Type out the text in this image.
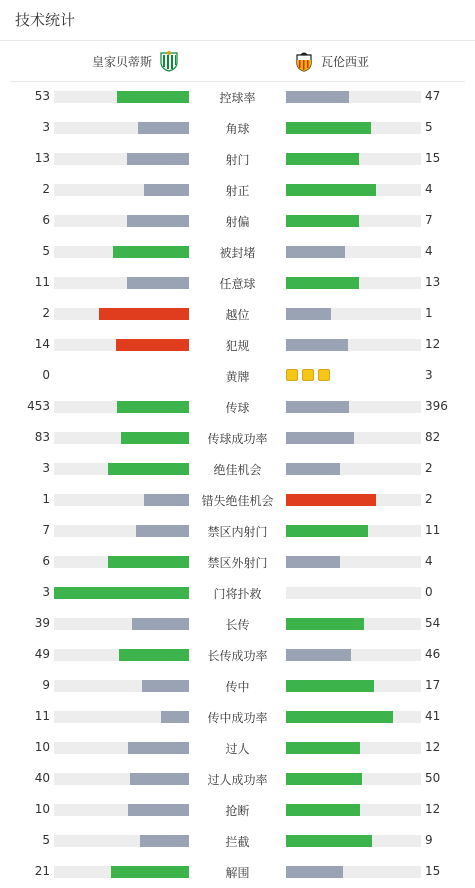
技术统计
皇家贝蒂斯	瓦伦西亚
53	控球率	47
3	角球	5
13	射门	15
2	射正	4
6	射偏	7
5	被封堵	4
11	任意球	13
2	越位	1
14	犯规	12
0	黄牌	3
453	传球	396
83	传球成功率	82
3	绝佳机会	2
1	错失绝佳机会	2
7	禁区内射门	11
6	禁区外射门	4
3	门将扑救	0
39	长传	54
49	长传成功率	46
9	传中	17
11	传中成功率	41
10	过人	12
40	过人成功率	50
10	抢断	12
5	拦截	9
21	解围	15
